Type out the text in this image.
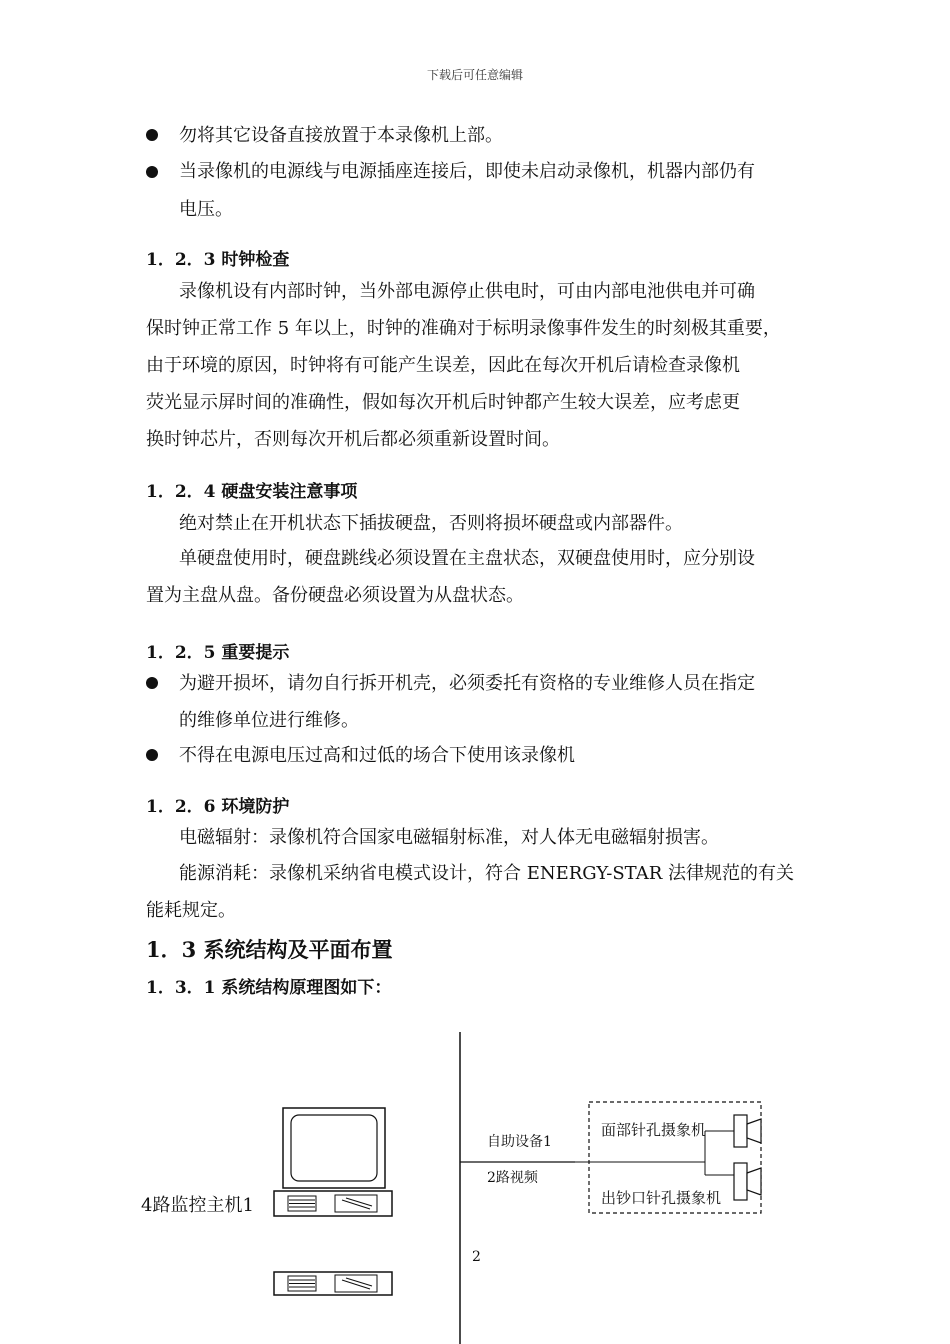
下载后可任意编辑
勿将其它设备直接放置于本录像机上部。
当录像机的电源线与电源插座连接后，即使未启动录像机，机器内部仍有
电压。
1．2．3 时钟检查
录像机设有内部时钟，当外部电源停止供电时，可由内部电池供电并可确
保时钟正常工作 5 年以上，时钟的准确对于标明录像事件发生的时刻极其重要，
由于环境的原因，时钟将有可能产生误差，因此在每次开机后请检查录像机
荧光显示屏时间的准确性，假如每次开机后时钟都产生较大误差，应考虑更
换时钟芯片，否则每次开机后都必须重新设置时间。
1．2．4 硬盘安装注意事项
绝对禁止在开机状态下插拔硬盘，否则将损坏硬盘或内部器件。
单硬盘使用时，硬盘跳线必须设置在主盘状态，双硬盘使用时，应分别设
置为主盘从盘。备份硬盘必须设置为从盘状态。
1．2．5 重要提示
为避开损坏，请勿自行拆开机壳，必须委托有资格的专业维修人员在指定
的维修单位进行维修。
不得在电源电压过高和过低的场合下使用该录像机
1．2．6 环境防护
电磁辐射：录像机符合国家电磁辐射标准，对人体无电磁辐射损害。
能源消耗：录像机采纳省电模式设计，符合 ENERGY-STAR 法律规范的有关
能耗规定。
1．3 系统结构及平面布置
1．3．1 系统结构原理图如下：
4路监控主机1
自助设备1
2路视频
面部针孔摄象机
出钞口针孔摄象机
2
